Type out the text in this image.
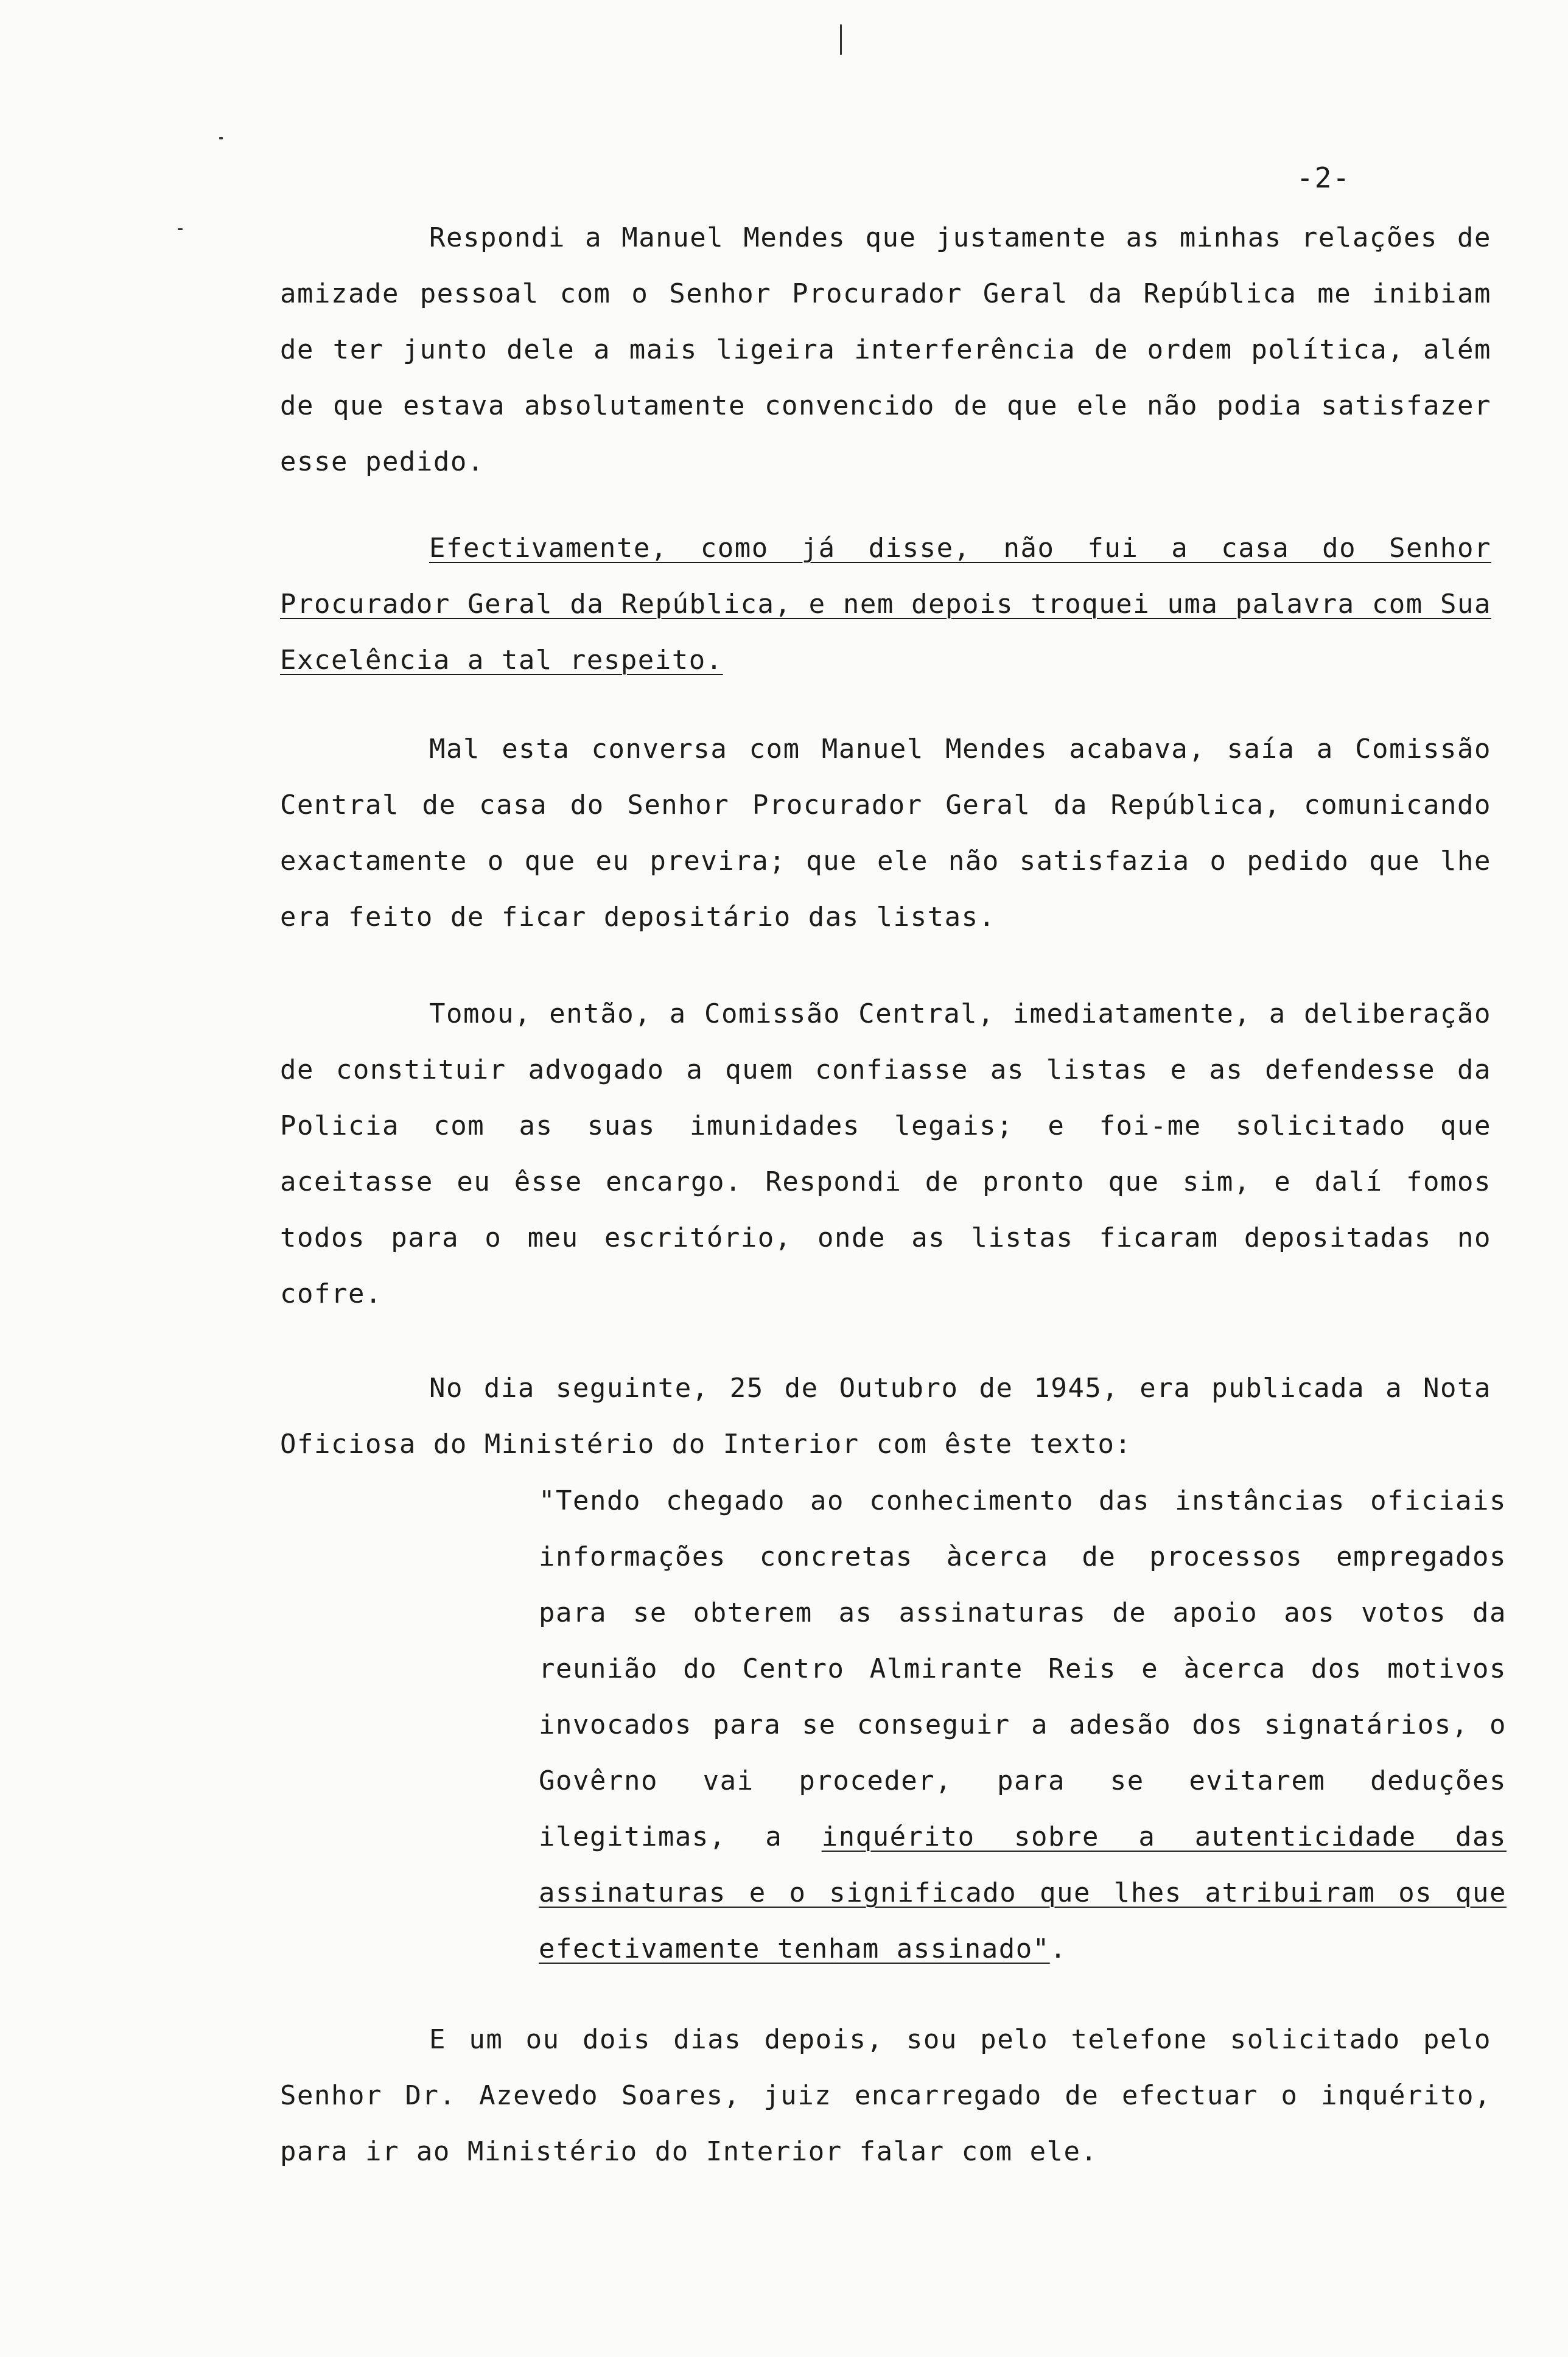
-2-

Respondi a Manuel Mendes que justamente as minhas relações de amizade pessoal com o Senhor Procurador Geral da República me inibiam de ter junto dele a mais ligeira interferência de ordem política, além de que estava absolutamente convencido de que ele não podia satisfazer esse pedido.

Efectivamente, como já disse, não fui a casa do Senhor Procurador Geral da República, e nem depois troquei uma palavra com Sua Excelência a tal respeito.

Mal esta conversa com Manuel Mendes acabava, saía a Comissão Central de casa do Senhor Procurador Geral da República, comunicando exactamente o que eu previra; que ele não satisfazia o pedido que lhe era feito de ficar depositário das listas.

Tomou, então, a Comissão Central, imediatamente, a deliberação de constituir advogado a quem confiasse as listas e as defendesse da Policia com as suas imunidades legais; e foi-me solicitado que aceitasse eu êsse encargo. Respondi de pronto que sim, e dalí fomos todos para o meu escritório, onde as listas ficaram depositadas no cofre.

No dia seguinte, 25 de Outubro de 1945, era publicada a Nota Oficiosa do Ministério do Interior com êste texto:

"Tendo chegado ao conhecimento das instâncias oficiais informações concretas àcerca de processos empregados para se obterem as assinaturas de apoio aos votos da reunião do Centro Almirante Reis e àcerca dos motivos invocados para se conseguir a adesão dos signatários, o Govêrno vai proceder, para se evitarem deduções ilegitimas, a inquérito sobre a autenticidade das assinaturas e o significado que lhes atribuiram os que efectivamente tenham assinado".

E um ou dois dias depois, sou pelo telefone solicitado pelo Senhor Dr. Azevedo Soares, juiz encarregado de efectuar o inquérito, para ir ao Ministério do Interior falar com ele.
